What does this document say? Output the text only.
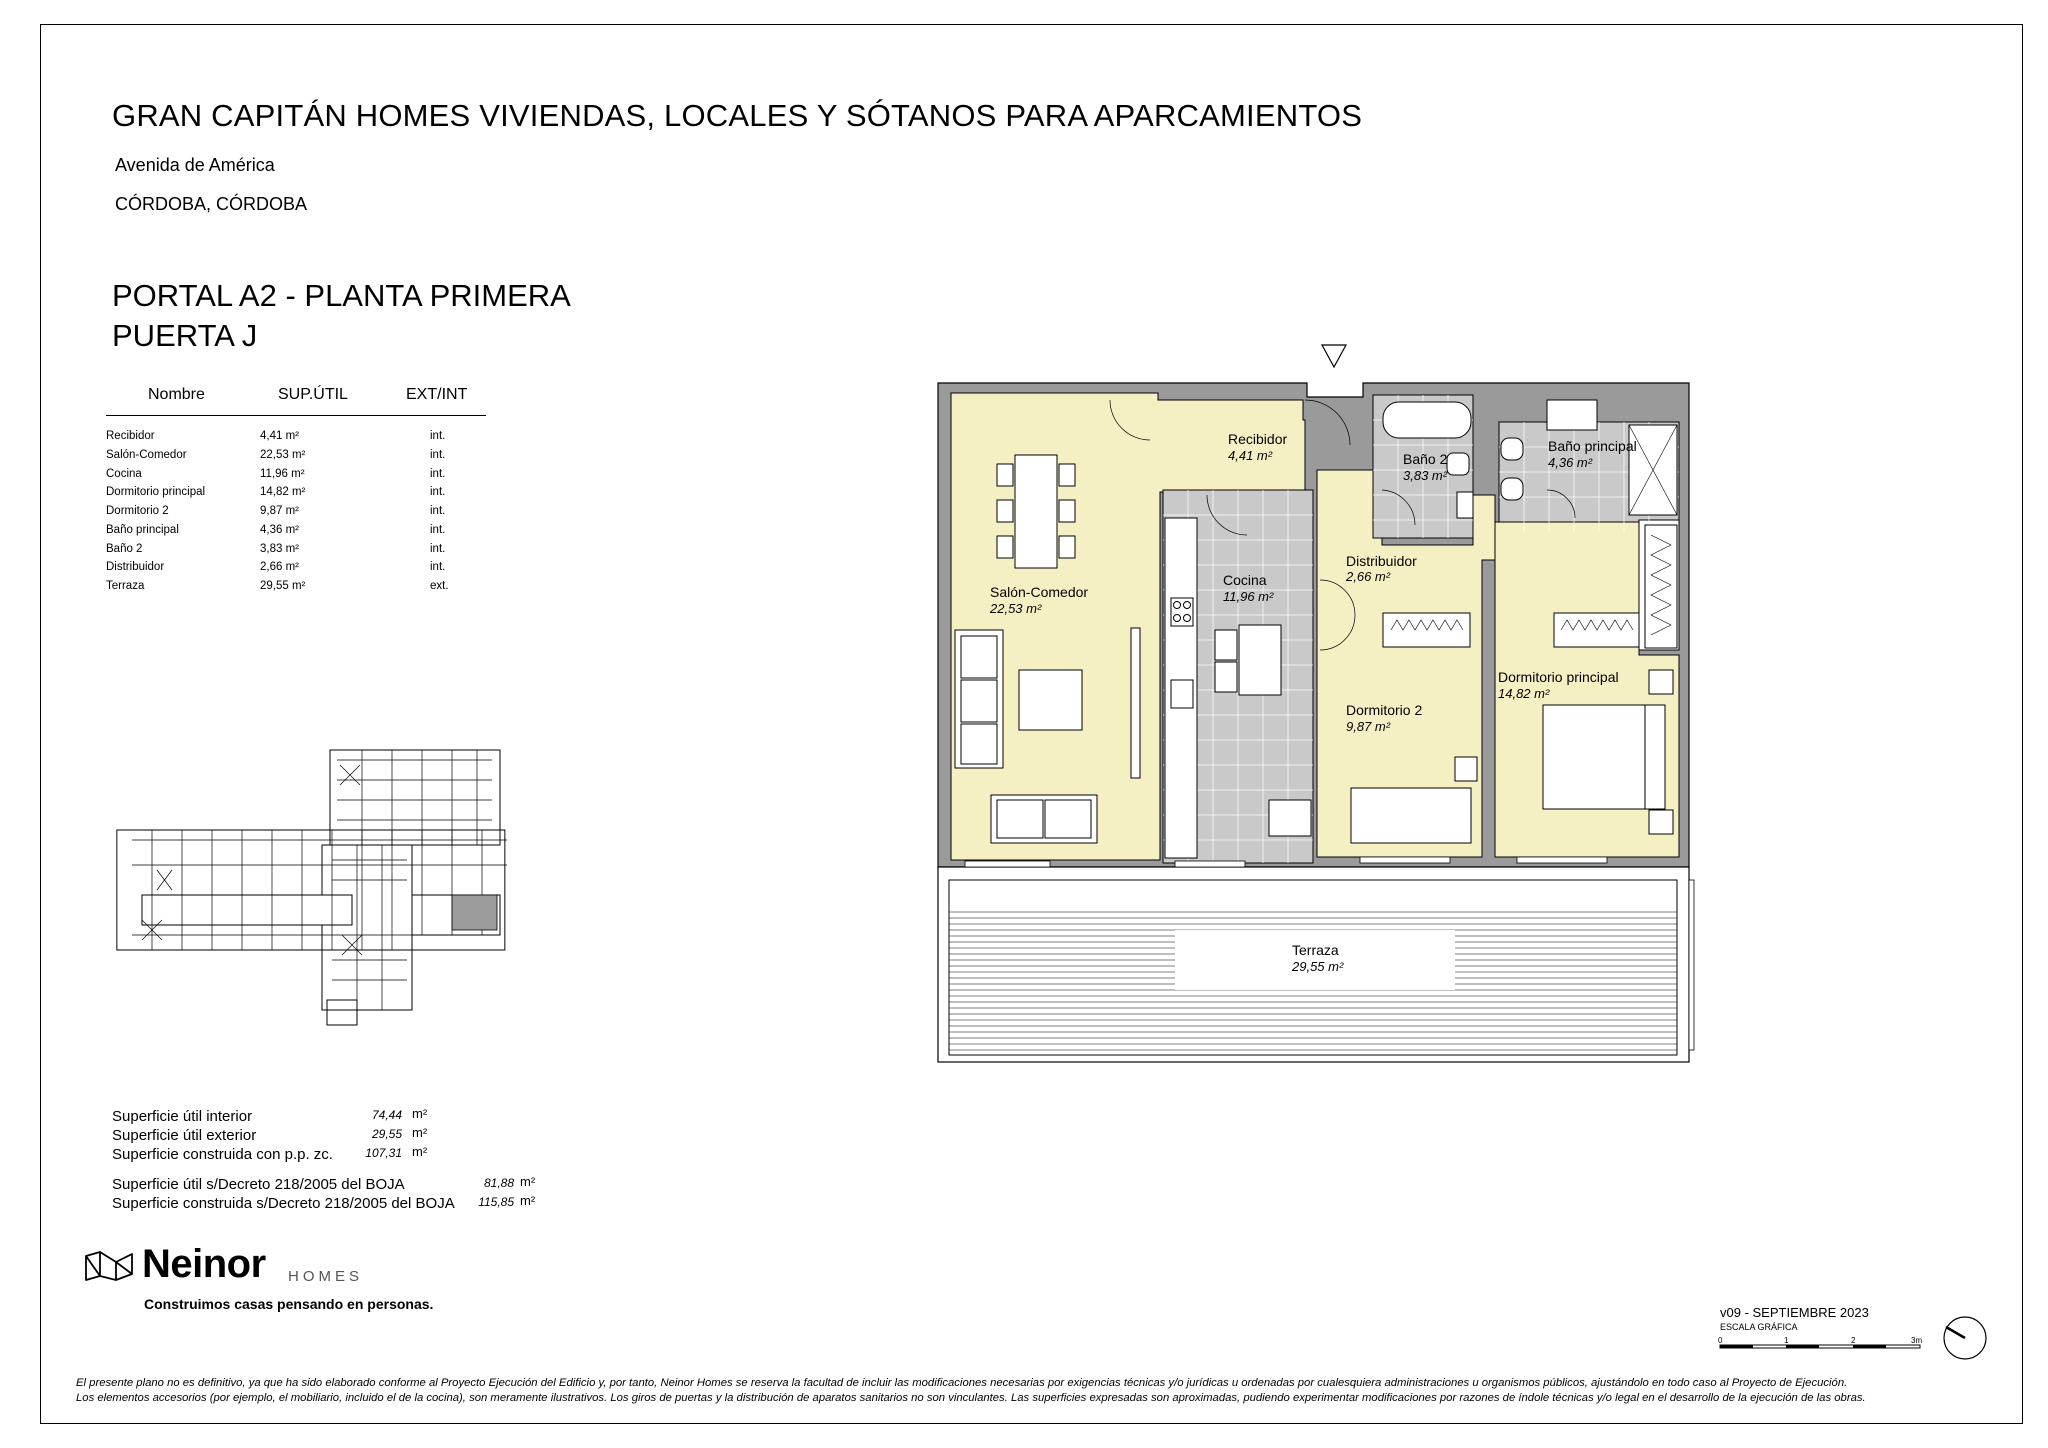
GRAN CAPITÁN HOMES VIVIENDAS, LOCALES Y SÓTANOS PARA APARCAMIENTOS
Avenida de América
CÓRDOBA, CÓRDOBA
PORTAL A2 - PLANTA PRIMERA
PUERTA J
Nombre	SUP.ÚTIL	EXT/INT
Recibidor	4,41 m²	int.
Salón-Comedor	22,53 m²	int.
Cocina	11,96 m²	int.
Dormitorio principal	14,82 m²	int.
Dormitorio 2	9,87 m²	int.
Baño principal	4,36 m²	int.
Baño 2	3,83 m²	int.
Distribuidor	2,66 m²	int.
Terraza	29,55 m²	ext.
Superficie útil interior	74,44 m²
Superficie útil exterior	29,55 m²
Superficie construida con p.p. zc.	107,31 m²
Superficie útil s/Decreto 218/2005 del BOJA	81,88 m²
Superficie construida s/Decreto 218/2005 del BOJA	115,85 m²
Neinor HOMES
Construimos casas pensando en personas.
v09 - SEPTIEMBRE 2023
ESCALA GRÁFICA
0	1	2	3m
El presente plano no es definitivo, ya que ha sido elaborado conforme al Proyecto Ejecución del Edificio y, por tanto, Neinor Homes se reserva la facultad de incluir las modificaciones necesarias por exigencias técnicas y/o jurídicas u ordenadas por cualesquiera administraciones u organismos públicos, ajustándolo en todo caso al Proyecto de Ejecución.
Los elementos accesorios (por ejemplo, el mobiliario, incluido el de la cocina), son meramente ilustrativos. Los giros de puertas y la distribución de aparatos sanitarios no son vinculantes. Las superficies expresadas son aproximadas, pudiendo experimentar modificaciones por razones de índole técnicas y/o legal en el desarrollo de la ejecución de las obras.
Recibidor
4,41 m²
Salón-Comedor
22,53 m²
Cocina
11,96 m²
Baño 2
3,83 m²
Baño principal
4,36 m²
Distribuidor
2,66 m²
Dormitorio 2
9,87 m²
Dormitorio principal
14,82 m²
Terraza
29,55 m²
